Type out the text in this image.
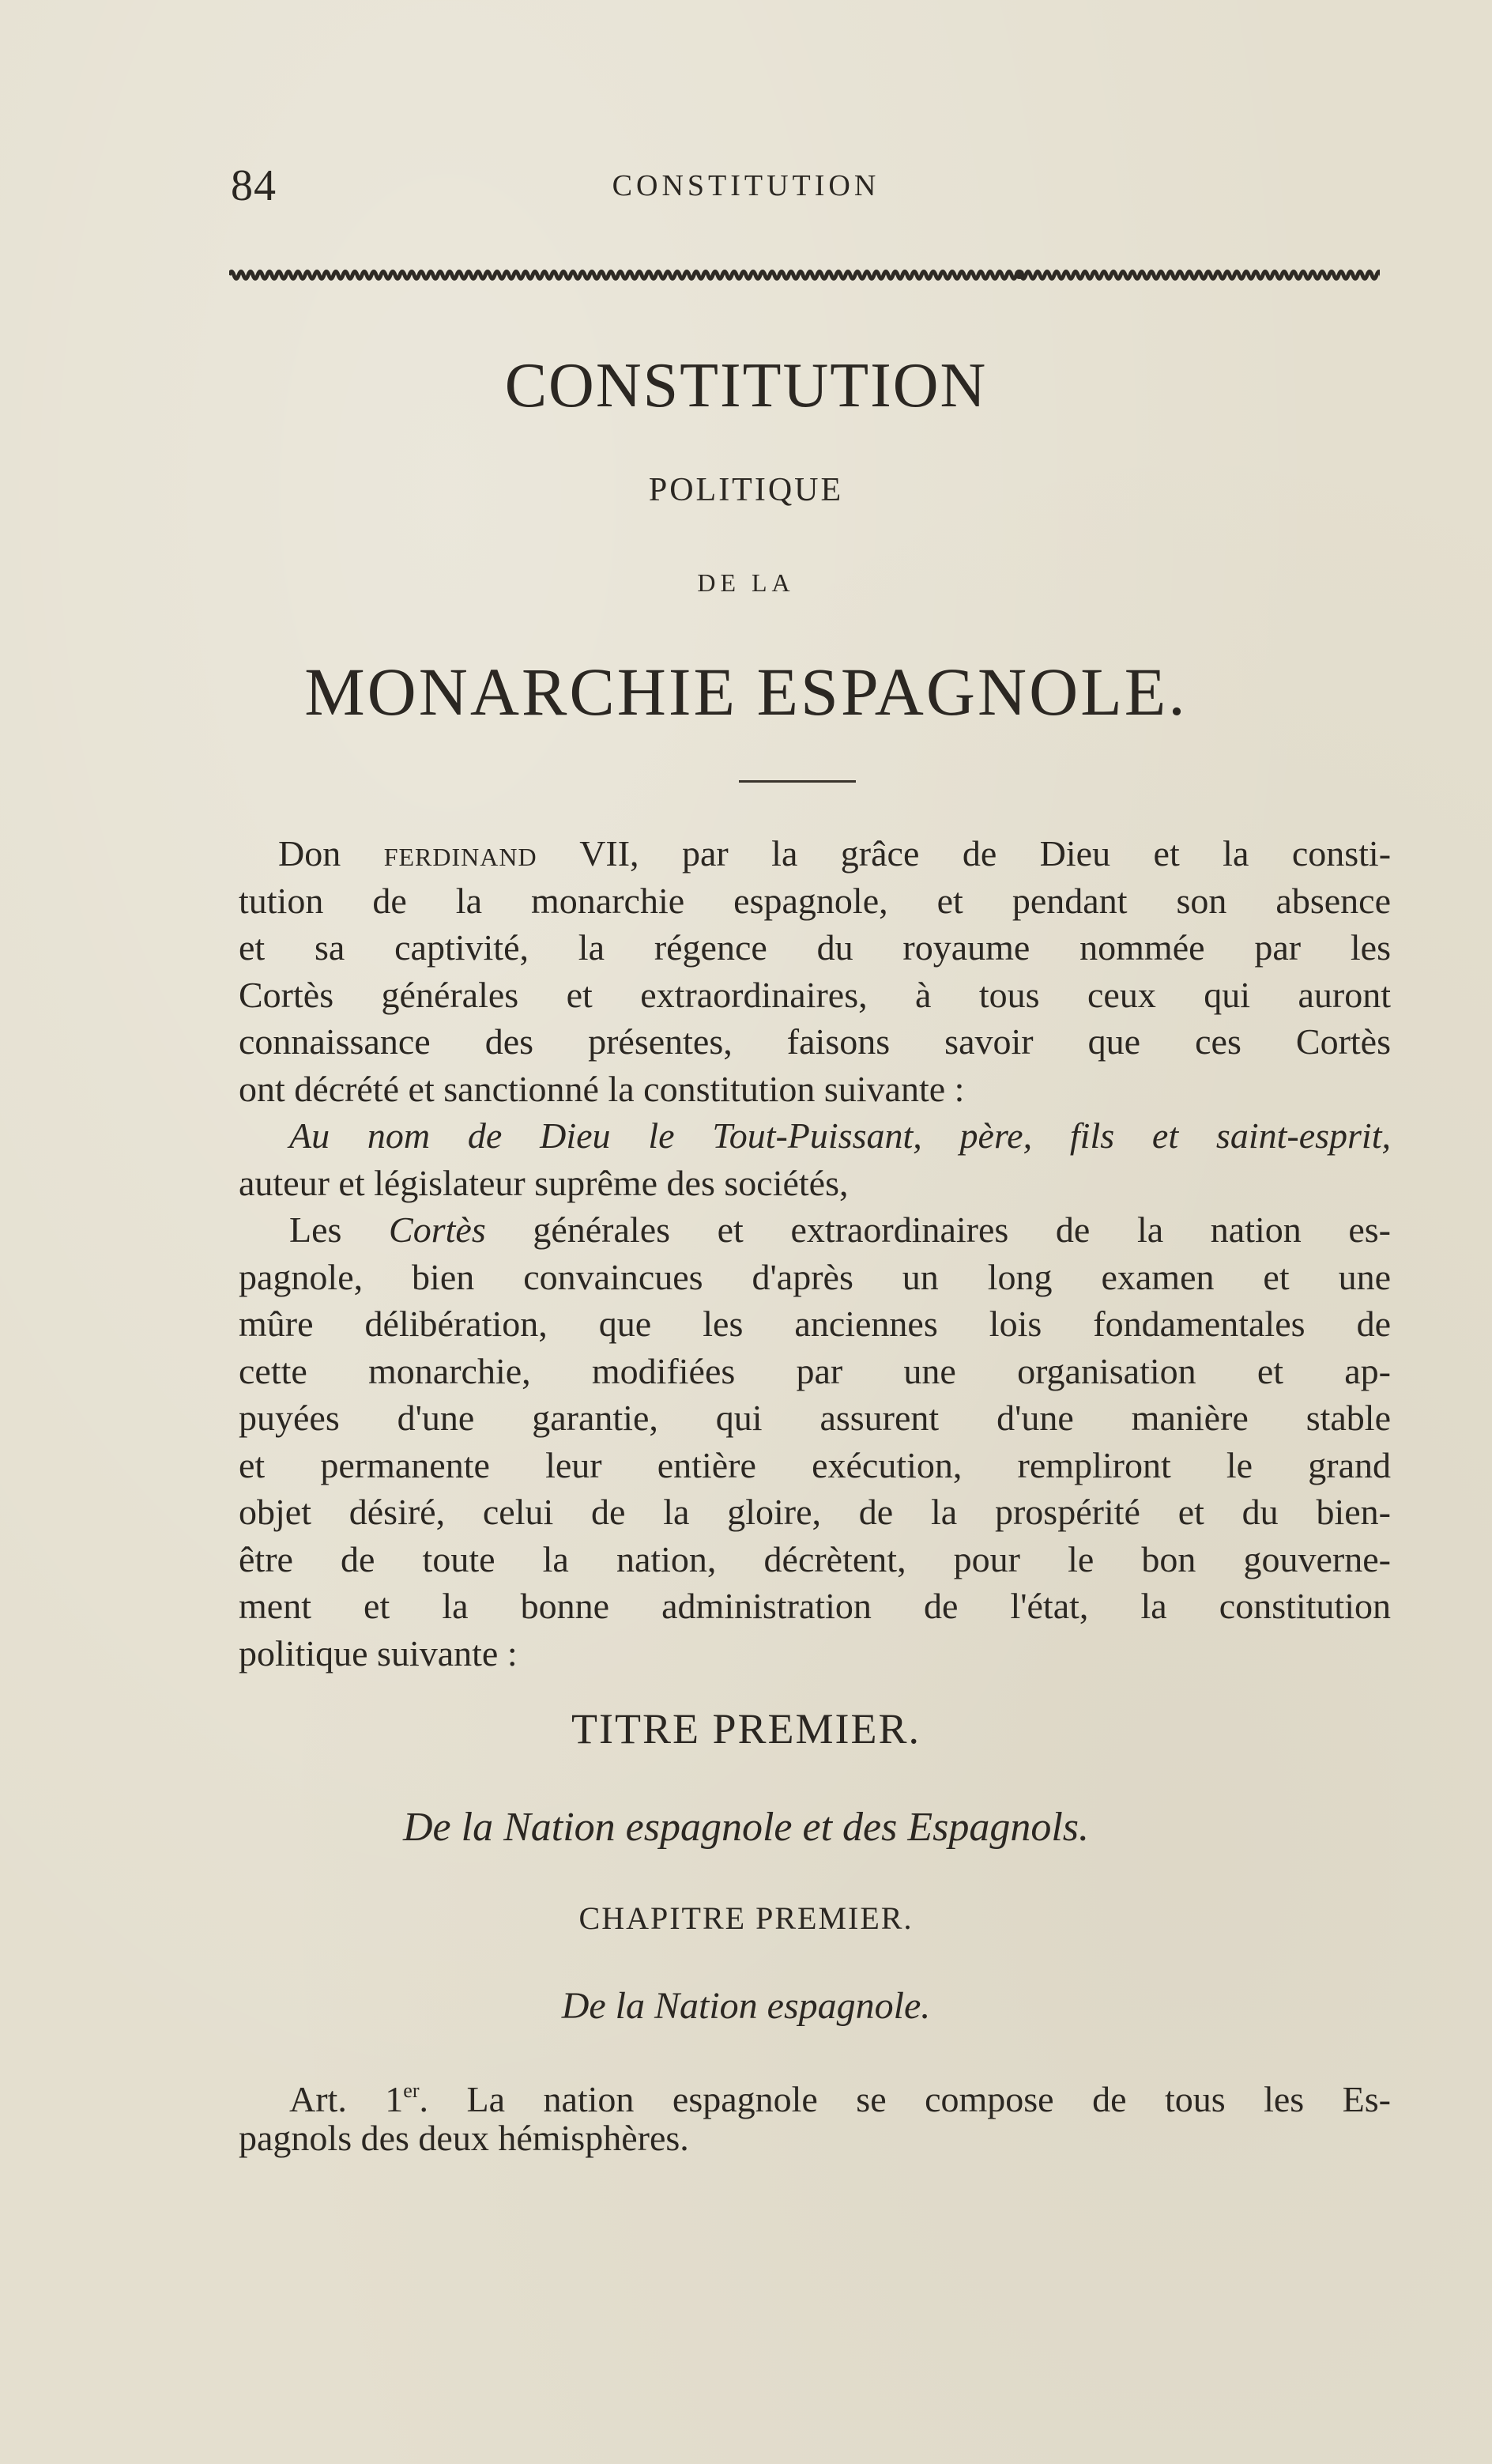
84	CONSTITUTION
CONSTITUTION
POLITIQUE
DE LA
MONARCHIE ESPAGNOLE.
Don ferdinand VII, par la grâce de Dieu et la consti-
tution de la monarchie espagnole, et pendant son absence
et sa captivité, la régence du royaume nommée par les
Cortès générales et extraordinaires, à tous ceux qui auront
connaissance des présentes, faisons savoir que ces Cortès
ont décrété et sanctionné la constitution suivante :
Au nom de Dieu le Tout-Puissant, père, fils et saint-esprit,
auteur et législateur suprême des sociétés,
Les Cortès générales et extraordinaires de la nation es-
pagnole, bien convaincues d'après un long examen et une
mûre délibération, que les anciennes lois fondamentales de
cette monarchie, modifiées par une organisation et ap-
puyées d'une garantie, qui assurent d'une manière stable
et permanente leur entière exécution, rempliront le grand
objet désiré, celui de la gloire, de la prospérité et du bien-
être de toute la nation, décrètent, pour le bon gouverne-
ment et la bonne administration de l'état, la constitution
politique suivante :
TITRE PREMIER.
De la Nation espagnole et des Espagnols.
CHAPITRE PREMIER.
De la Nation espagnole.
Art. 1er. La nation espagnole se compose de tous les Es-
pagnols des deux hémisphères.
